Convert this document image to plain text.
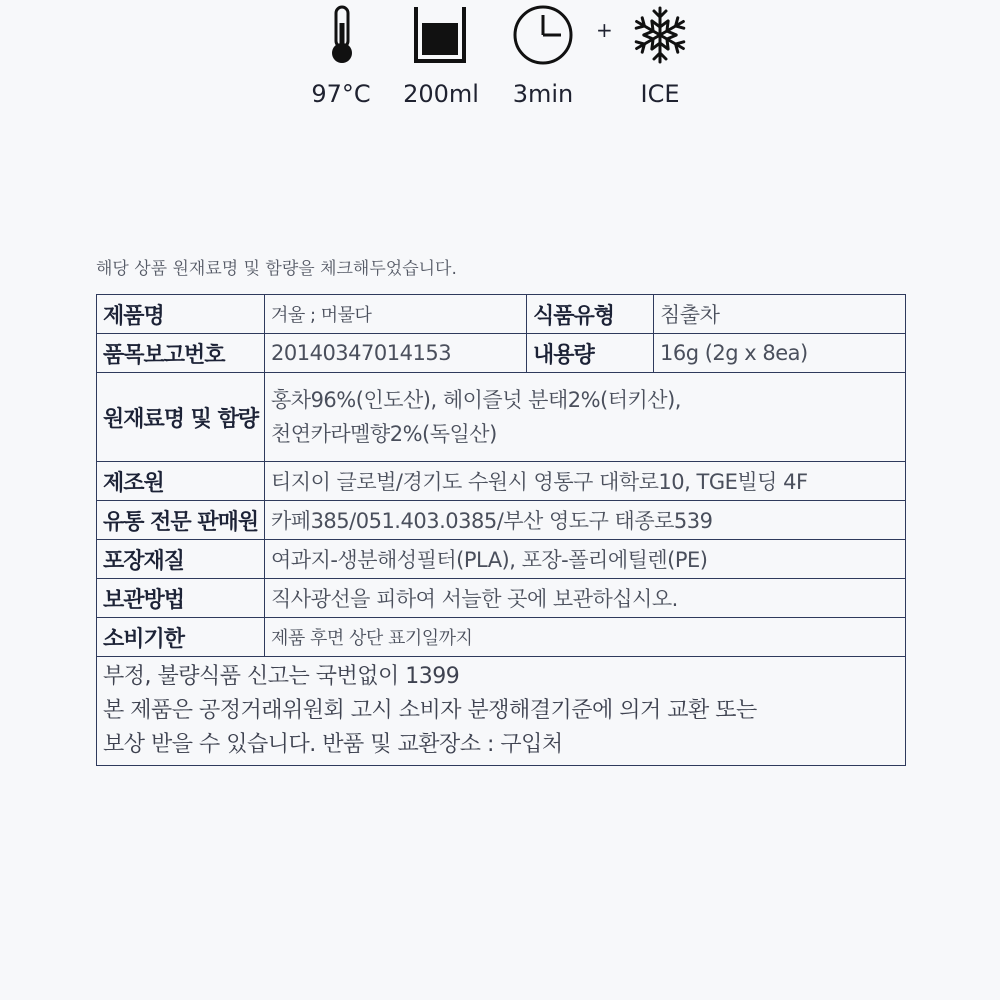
97°C	200ml	3min
+
ICE
해당 상품 원재료명 및 함량을 체크해두었습니다.
제품명	겨울 ; 머물다	식품유형	침출차
품목보고번호	20140347014153	내용량	16g (2g x 8ea)
원재료명 및 함량	홍차96%(인도산), 헤이즐넛 분태2%(터키산),
천연카라멜향2%(독일산)		

제조원	티지이 글로벌/경기도 수원시 영통구 대학로10, TGE빌딩 4F		
유통 전문 판매원	카페385/051.403.0385/부산 영도구 태종로539		
포장재질	여과지-생분해성필터(PLA), 포장-폴리에틸렌(PE)		
보관방법	직사광선을 피하여 서늘한 곳에 보관하십시오.		
소비기한	제품 후면 상단 표기일까지		

부정, 불량식품 신고는 국번없이 1399
본 제품은 공정거래위원회 고시 소비자 분쟁해결기준에 의거 교환 또는
보상 받을 수 있습니다. 반품 및 교환장소 : 구입처			
